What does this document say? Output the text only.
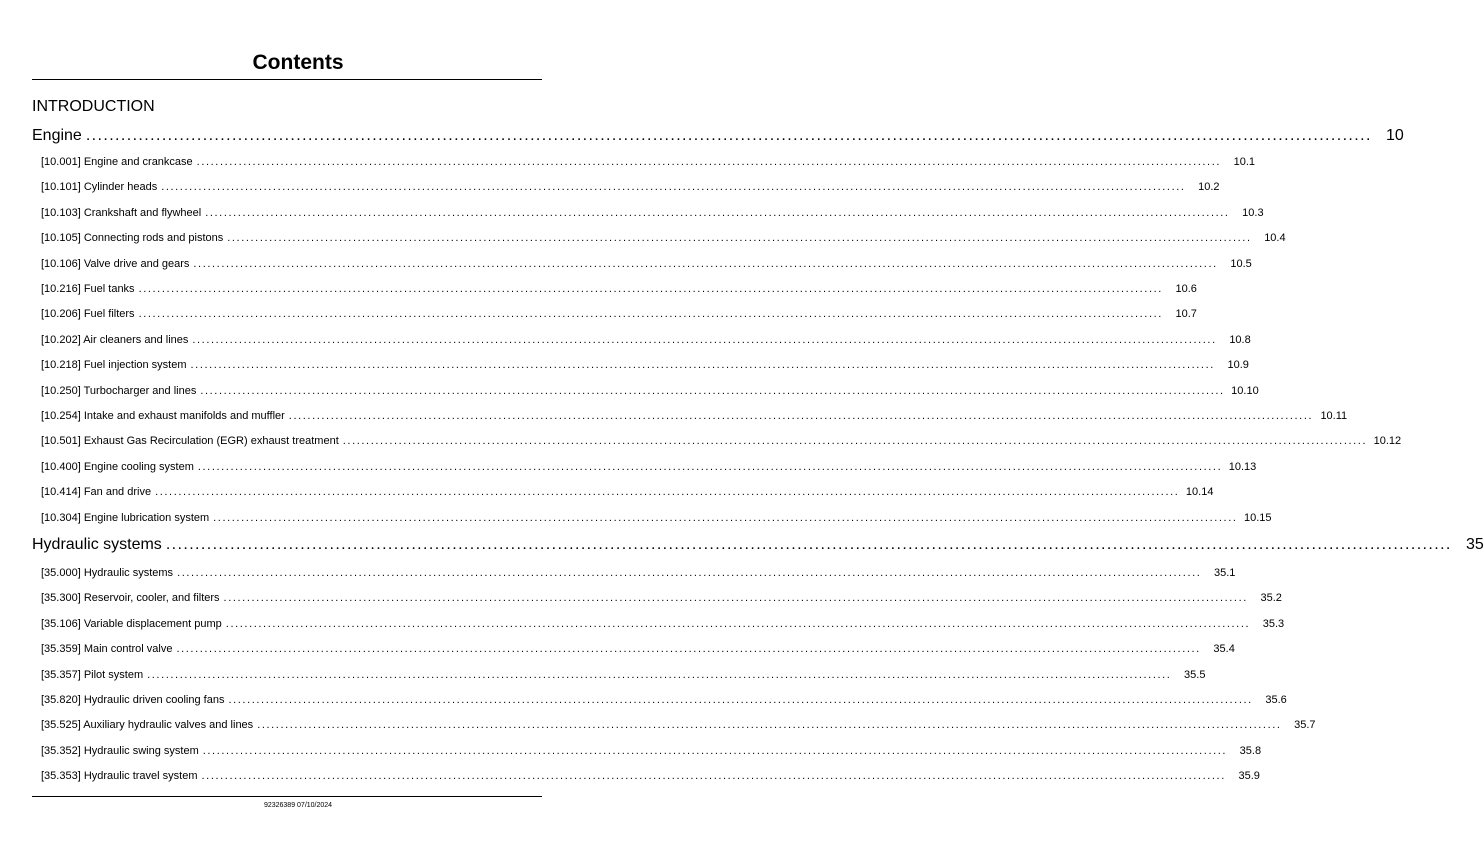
Contents
INTRODUCTION
Engine ............................................................................................................................................................................................................................ 10
[10.001] Engine and crankcase ............................................................................................................................................................................................................................	10.1
[10.101] Cylinder heads ............................................................................................................................................................................................................................	10.2
[10.103] Crankshaft and flywheel ............................................................................................................................................................................................................................	10.3
[10.105] Connecting rods and pistons ............................................................................................................................................................................................................................	10.4
[10.106] Valve drive and gears ............................................................................................................................................................................................................................	10.5
[10.216] Fuel tanks ............................................................................................................................................................................................................................	10.6
[10.206] Fuel filters ............................................................................................................................................................................................................................	10.7
[10.202] Air cleaners and lines ............................................................................................................................................................................................................................	10.8
[10.218] Fuel injection system ............................................................................................................................................................................................................................	10.9
[10.250] Turbocharger and lines ............................................................................................................................................................................................................................ 10.10
[10.254] Intake and exhaust manifolds and muffler ............................................................................................................................................................................................................................ 10.11
[10.501] Exhaust Gas Recirculation (EGR) exhaust treatment ............................................................................................................................................................................................................................ 10.12
[10.400] Engine cooling system ............................................................................................................................................................................................................................ 10.13
[10.414] Fan and drive ............................................................................................................................................................................................................................ 10.14
[10.304] Engine lubrication system ............................................................................................................................................................................................................................ 10.15
Hydraulic systems ............................................................................................................................................................................................................................ 35
[35.000] Hydraulic systems ............................................................................................................................................................................................................................	35.1
[35.300] Reservoir, cooler, and filters ............................................................................................................................................................................................................................	35.2
[35.106] Variable displacement pump ............................................................................................................................................................................................................................	35.3
[35.359] Main control valve ............................................................................................................................................................................................................................	35.4
[35.357] Pilot system ............................................................................................................................................................................................................................	35.5
[35.820] Hydraulic driven cooling fans ............................................................................................................................................................................................................................	35.6
[35.525] Auxiliary hydraulic valves and lines ............................................................................................................................................................................................................................	35.7
[35.352] Hydraulic swing system ............................................................................................................................................................................................................................	35.8
[35.353] Hydraulic travel system ............................................................................................................................................................................................................................	35.9
92326389 07/10/2024
